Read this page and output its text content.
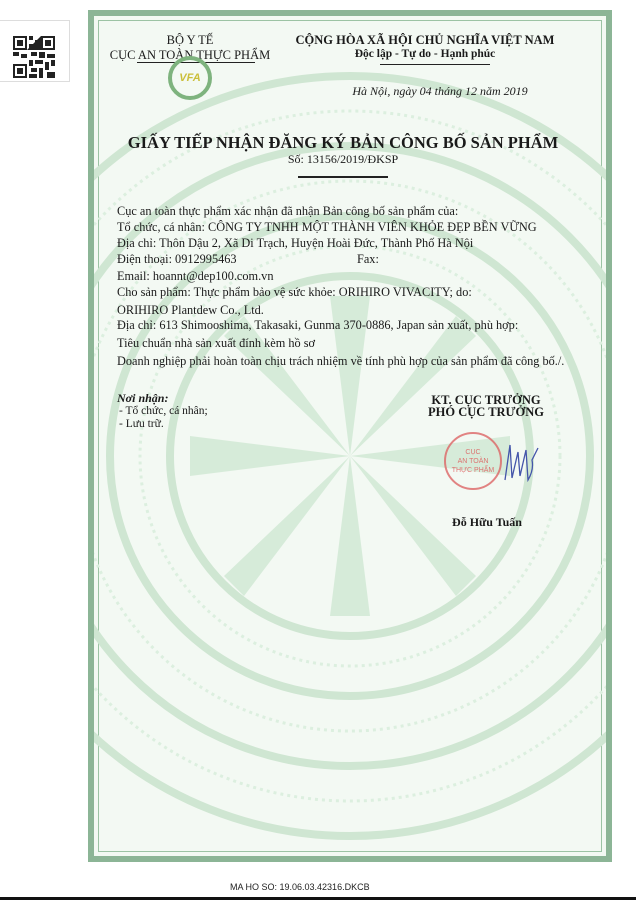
BỘ Y TẾ
CỤC AN TOÀN THỰC PHẨM
VFA
CỘNG HÒA XÃ HỘI CHỦ NGHĨA VIỆT NAM
Độc lập - Tự do - Hạnh phúc
Hà Nội, ngày 04 tháng 12 năm 2019
GIẤY TIẾP NHẬN ĐĂNG KÝ BẢN CÔNG BỐ SẢN PHẨM
Số: 13156/2019/ĐKSP
Cục an toàn thực phẩm xác nhận đã nhận Bản công bố sản phẩm của:
Tổ chức, cá nhân: CÔNG TY TNHH MỘT THÀNH VIÊN KHỎE ĐẸP BỀN VỮNG
Địa chỉ: Thôn Dậu 2, Xã Di Trạch, Huyện Hoài Đức, Thành Phố Hà Nội
Điện thoại: 0912995463	Fax:
Email: hoannt@dep100.com.vn
Cho sản phẩm: Thực phẩm bảo vệ sức khỏe: ORIHIRO VIVACITY; do:
ORIHIRO Plantdew Co., Ltd.
Địa chỉ: 613 Shimooshima, Takasaki, Gunma 370-0886, Japan sản xuất, phù hợp:
Tiêu chuẩn nhà sản xuất đính kèm hồ sơ
Doanh nghiệp phải hoàn toàn chịu trách nhiệm về tính phù hợp của sản phẩm đã công bố./.
Nơi nhận:
- Tổ chức, cá nhân;
- Lưu trữ.
KT. CỤC TRƯỞNG
PHÓ CỤC TRƯỞNG
CỤC
AN TOÀN
THỰC PHẨM
Đỗ Hữu Tuấn
MA HO SO: 19.06.03.42316.DKCB
